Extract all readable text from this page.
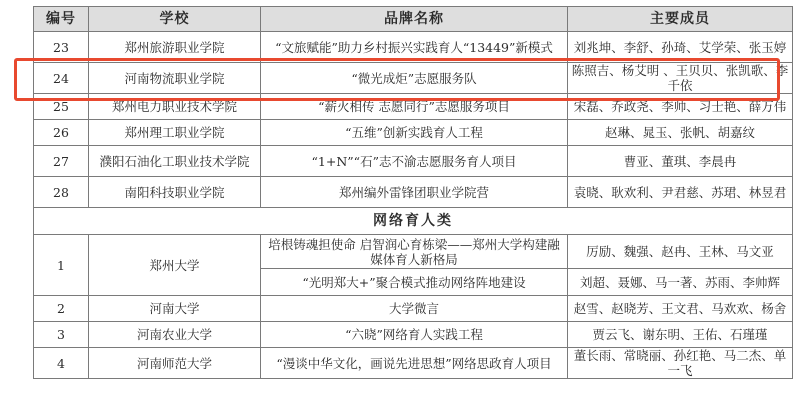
编号	学校	品牌名称	主要成员
23	郑州旅游职业学院	“文旅赋能”助力乡村振兴实践育人“13449”新模式	刘兆坤、李舒、孙琦、艾学荣、张玉婷
24	河南物流职业学院	“微光成炬”志愿服务队	陈照吉、杨艾明 、王贝贝、张凯歌、李千依
25	郑州电力职业技术学院	“薪火相传 志愿同行”志愿服务项目	宋磊、乔政尧、李帅、习士艳、薛万伟
26	郑州理工职业学院	“五维”创新实践育人工程	赵琳、晁玉、张帆、胡嘉纹
27	濮阳石油化工职业技术学院	“1+N”“石”志不渝志愿服务育人项目	曹亚、董琪、李晨冉
28	南阳科技职业学院	郑州编外雷锋团职业学院营	袁晓、耿欢利、尹君慈、苏珺、林昱君
网络育人类			
1	郑州大学	培根铸魂担使命 启智润心育栋梁——郑州大学构建融媒体育人新格局	厉励、魏强、赵冉、王林、马文亚
		“光明郑大+”聚合模式推动网络阵地建设	刘超、聂娜、马一著、苏雨、李帅辉
2	河南大学	大学微言	赵雪、赵晓芳、王文君、马欢欢、杨舍
3	河南农业大学	“六晓”网络育人实践工程	贾云飞、谢东明、王佑、石瑾瑾
4	河南师范大学	“漫谈中华文化，画说先进思想”网络思政育人项目	董长雨、常晓丽、孙红艳、马二杰、单一飞
